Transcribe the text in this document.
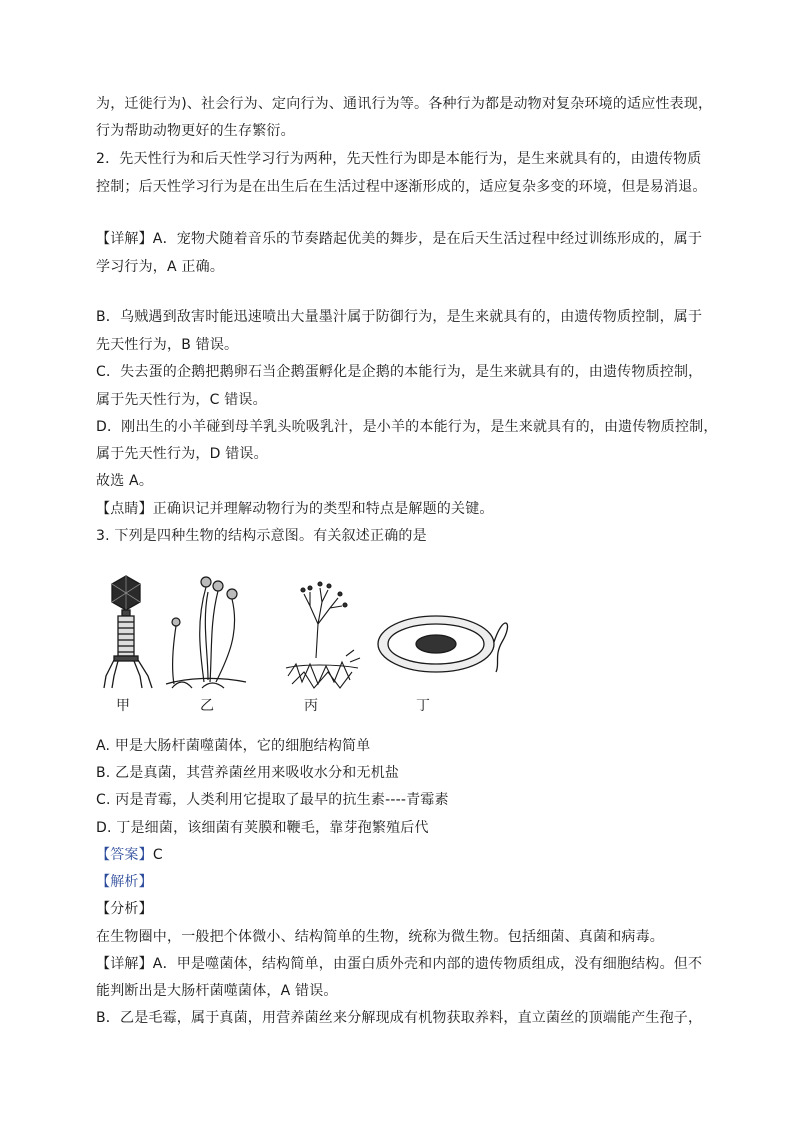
为，迁徙行为)、社会行为、定向行为、通讯行为等。各种行为都是动物对复杂环境的适应性表现，
行为帮助动物更好的生存繁衍。
2．先天性行为和后天性学习行为两种，先天性行为即是本能行为，是生来就具有的，由遗传物质
控制；后天性学习行为是在出生后在生活过程中逐渐形成的，适应复杂多变的环境，但是易消退。
【详解】A．宠物犬随着音乐的节奏踏起优美的舞步，是在后天生活过程中经过训练形成的，属于
学习行为，A 正确。
B．乌贼遇到敌害时能迅速喷出大量墨汁属于防御行为，是生来就具有的，由遗传物质控制，属于
先天性行为，B 错误。
C．失去蛋的企鹅把鹅卵石当企鹅蛋孵化是企鹅的本能行为，是生来就具有的，由遗传物质控制，
属于先天性行为，C 错误。
D．刚出生的小羊碰到母羊乳头吮吸乳汁，是小羊的本能行为，是生来就具有的，由遗传物质控制，
属于先天性行为，D 错误。
故选 A。
【点睛】正确识记并理解动物行为的类型和特点是解题的关键。
3. 下列是四种生物的结构示意图。有关叙述正确的是
甲	乙	丙	丁
A. 甲是大肠杆菌噬菌体，它的细胞结构简单
B. 乙是真菌，其营养菌丝用来吸收水分和无机盐
C. 丙是青霉，人类利用它提取了最早的抗生素----青霉素
D. 丁是细菌，该细菌有荚膜和鞭毛，靠芽孢繁殖后代
【答案】C
【解析】
【分析】
在生物圈中，一般把个体微小、结构简单的生物，统称为微生物。包括细菌、真菌和病毒。
【详解】A．甲是噬菌体，结构简单，由蛋白质外壳和内部的遗传物质组成，没有细胞结构。但不
能判断出是大肠杆菌噬菌体，A 错误。
B．乙是毛霉，属于真菌，用营养菌丝来分解现成有机物获取养料，直立菌丝的顶端能产生孢子，
